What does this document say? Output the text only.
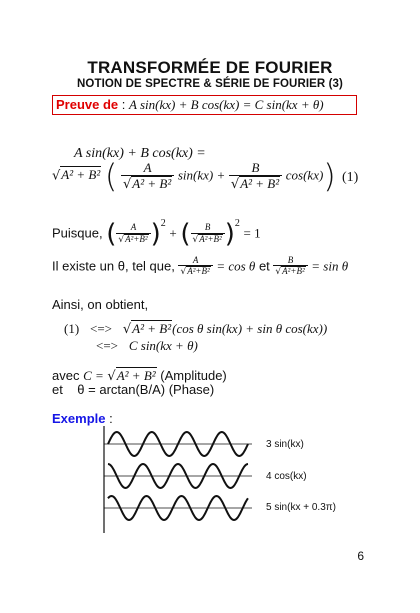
TRANSFORMÉE DE FOURIER
NOTION DE SPECTRE & SÉRIE DE FOURIER (3)
Preuve de : A sin(kx) + B cos(kx) = C sin(kx + θ)
A sin(kx) + B cos(kx) =
√A² + B² ( $\frac{A}{\text{√A² + B²}} \sin(kx) + \frac{B}{\text{√A² + B²}} \cos(kx)$) (1)
Puisque, ( $\frac{A}{\text{√A²+B²}} )^2$ + ( $\frac{B}{\text{√A²+B²}} )^2 = 1$
Il existe un θ, tel que, $\frac{A}{\text{√A²+B²}} = \cos \theta$ et $\frac{B}{\text{√A²+B²}} = \sin \theta$
Ainsi, on obtient,
(1) <=> √A² + B²(cos θ sin(kx) + sin θ cos(kx))
<=> C sin(kx + θ)
avec C = √A² + B² (Amplitude)
et θ = arctan(B/A) (Phase)
Exemple :
3 sin(kx)
4 cos(kx)
5 sin(kx + 0.3π)
6
